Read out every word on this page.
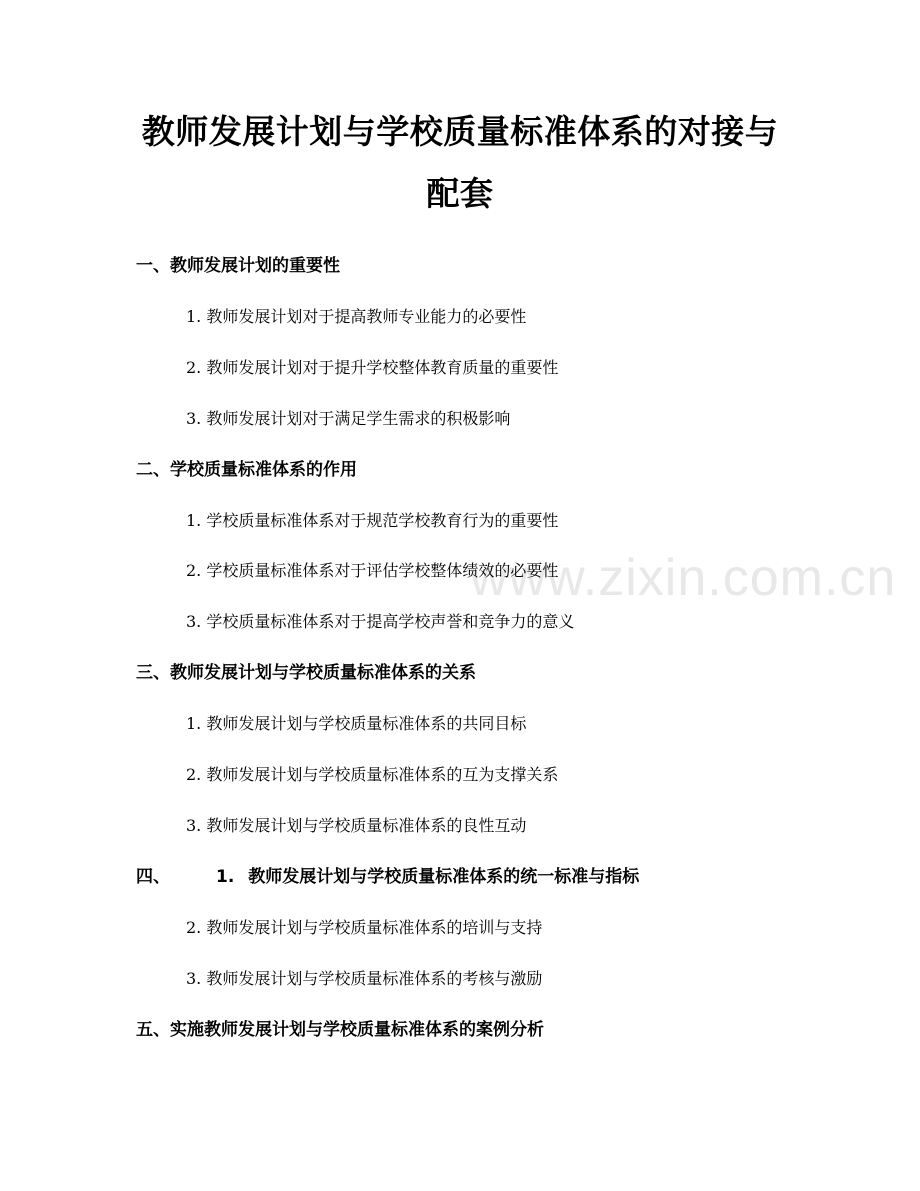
www.zixin.com.cn
教师发展计划与学校质量标准体系的对接与
配套
一、教师发展计划的重要性
1. 教师发展计划对于提高教师专业能力的必要性
2. 教师发展计划对于提升学校整体教育质量的重要性
3. 教师发展计划对于满足学生需求的积极影响
二、学校质量标准体系的作用
1. 学校质量标准体系对于规范学校教育行为的重要性
2. 学校质量标准体系对于评估学校整体绩效的必要性
3. 学校质量标准体系对于提高学校声誉和竞争力的意义
三、教师发展计划与学校质量标准体系的关系
1. 教师发展计划与学校质量标准体系的共同目标
2. 教师发展计划与学校质量标准体系的互为支撑关系
3. 教师发展计划与学校质量标准体系的良性互动
四、	1. 教师发展计划与学校质量标准体系的统一标准与指标
2. 教师发展计划与学校质量标准体系的培训与支持
3. 教师发展计划与学校质量标准体系的考核与激励
五、实施教师发展计划与学校质量标准体系的案例分析
